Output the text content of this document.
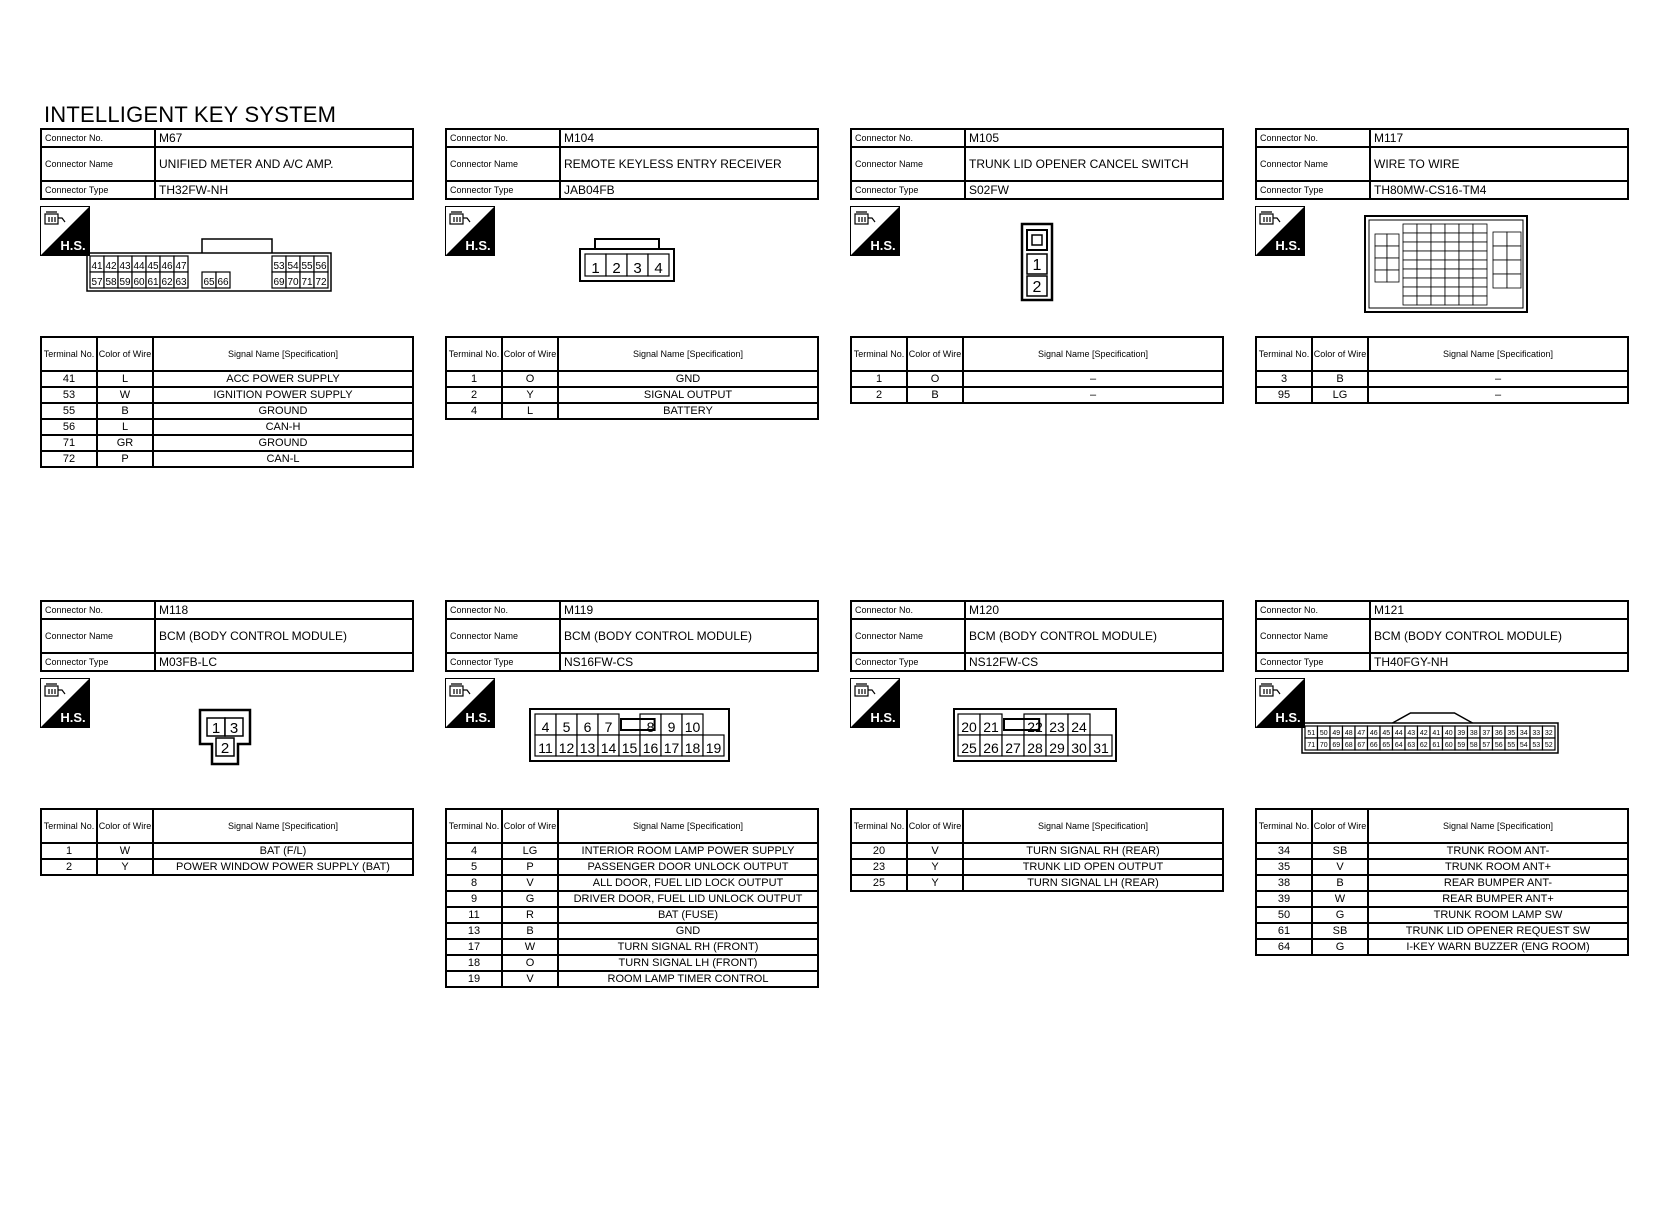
INTELLIGENT KEY SYSTEM
Connector No.	M67
Connector Name	UNIFIED METER AND A/C AMP.
Connector Type	TH32FW-NH
H.S.
41 42 43 44 45 46 47	53 54 55 56
57 58 59 60 61 62 63 65 66	69 70 71 72
Terminal No.	Color of Wire	Signal Name [Specification]
41	L	ACC POWER SUPPLY
53	W	IGNITION POWER SUPPLY
55	B	GROUND
56	L	CAN-H
71	GR	GROUND
72	P	CAN-L
Connector No.	M104
Connector Name	REMOTE KEYLESS ENTRY RECEIVER
Connector Type	JAB04FB
H.S.
1 2 3 4
Terminal No.	Color of Wire	Signal Name [Specification]
1	O	GND
2	Y	SIGNAL OUTPUT
4	L	BATTERY
Connector No.	M105
Connector Name	TRUNK LID OPENER CANCEL SWITCH
Connector Type	S02FW
H.S.
1
2
Terminal No.	Color of Wire	Signal Name [Specification]
1	O	–
2	B	–
Connector No.	M117
Connector Name	WIRE TO WIRE
Connector Type	TH80MW-CS16-TM4
H.S.
Terminal No.	Color of Wire	Signal Name [Specification]
3	B	–
95	LG	–
Connector No.	M118
Connector Name	BCM (BODY CONTROL MODULE)
Connector Type	M03FB-LC
H.S.
1 3
2
Terminal No.	Color of Wire	Signal Name [Specification]
1	W	BAT (F/L)
2	Y	POWER WINDOW POWER SUPPLY (BAT)
Connector No.	M119
Connector Name	BCM (BODY CONTROL MODULE)
Connector Type	NS16FW-CS
H.S.
4 5 6 7 8 9 10
11 12 13 14 15 16 17 18 19
Terminal No.	Color of Wire	Signal Name [Specification]
4	LG	INTERIOR ROOM LAMP POWER SUPPLY
5	P	PASSENGER DOOR UNLOCK OUTPUT
8	V	ALL DOOR, FUEL LID LOCK OUTPUT
9	G	DRIVER DOOR, FUEL LID UNLOCK OUTPUT
11	R	BAT (FUSE)
13	B	GND
17	W	TURN SIGNAL RH (FRONT)
18	O	TURN SIGNAL LH (FRONT)
19	V	ROOM LAMP TIMER CONTROL
Connector No.	M120
Connector Name	BCM (BODY CONTROL MODULE)
Connector Type	NS12FW-CS
H.S.
20 21 22 23 24
25 26 27 28 29 30 31
Terminal No.	Color of Wire	Signal Name [Specification]
20	V	TURN SIGNAL RH (REAR)
23	Y	TRUNK LID OPEN OUTPUT
25	Y	TURN SIGNAL LH (REAR)
Connector No.	M121
Connector Name	BCM (BODY CONTROL MODULE)
Connector Type	TH40FGY-NH
H.S.
51 50 49 48 47 46 45 44 43 42 41 40 39 38 37 36 35 34 33 32
71 70 69 68 67 66 65 64 63 62 61 60 59 58 57 56 55 54 53 52
Terminal No.	Color of Wire	Signal Name [Specification]
34	SB	TRUNK ROOM ANT-
35	V	TRUNK ROOM ANT+
38	B	REAR BUMPER ANT-
39	W	REAR BUMPER ANT+
50	G	TRUNK ROOM LAMP SW
61	SB	TRUNK LID OPENER REQUEST SW
64	G	I-KEY WARN BUZZER (ENG ROOM)
